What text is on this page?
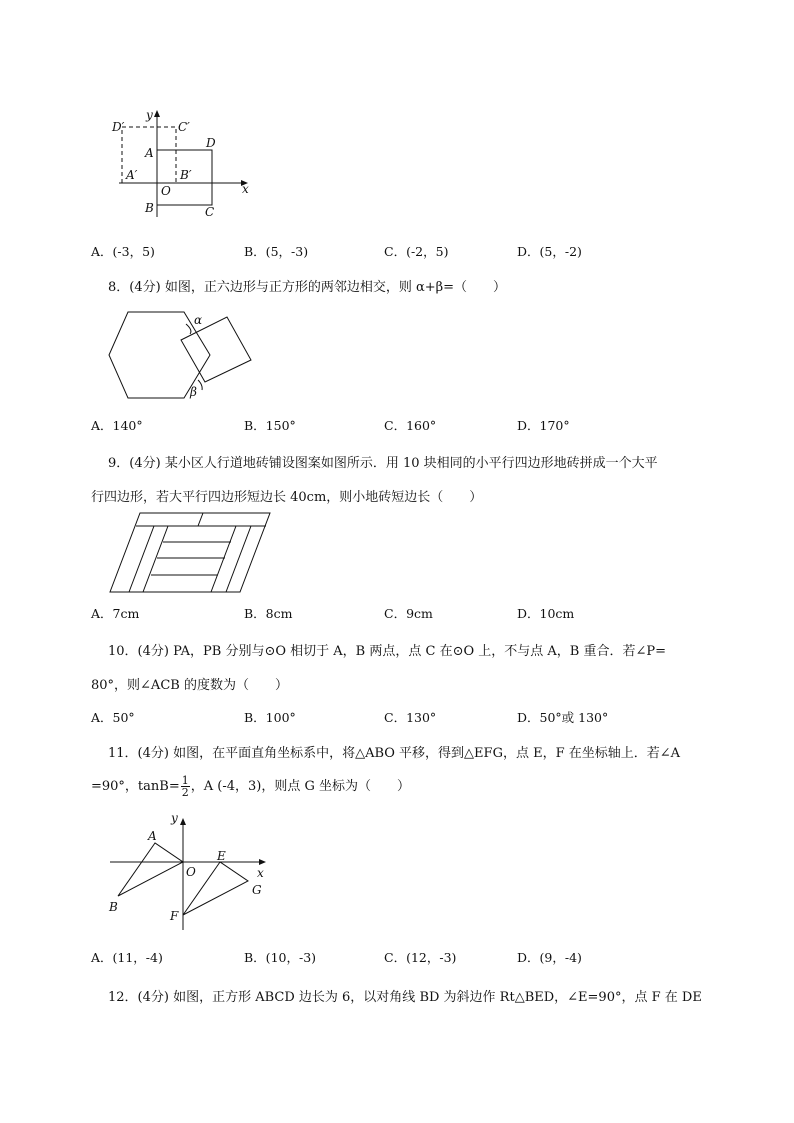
y
D′	C′
A
D
A′	B′
O	x
B	C
A．(-3，5)	B．(5，-3)	C．(-2，5)	D．(5，-2)
8．(4分) 如图，正六边形与正方形的两邻边相交，则 α+β=（　　）
α
β
A．140°	B．150°	C．160°	D．170°
9．(4分) 某小区人行道地砖铺设图案如图所示．用 10 块相同的小平行四边形地砖拼成一个大平
行四边形，若大平行四边形短边长 40cm，则小地砖短边长（　　）
A．7cm	B．8cm	C．9cm	D．10cm
10．(4分) PA，PB 分别与⊙O 相切于 A，B 两点，点 C 在⊙O 上，不与点 A，B 重合．若∠P=
80°，则∠ACB 的度数为（　　）
A．50°	B．100°	C．130°	D．50°或 130°
11．(4分) 如图，在平面直角坐标系中，将△ABO 平移，得到△EFG，点 E，F 在坐标轴上．若∠A
=90°，$\tan B= \frac{1}{2}$ ，A (-4，3)，则点 G 坐标为（　　）
y
A
E
O	x
G
B
F
A．(11，-4)	B．(10，-3)	C．(12，-3)	D．(9，-4)
12．(4分) 如图，正方形 ABCD 边长为 6，以对角线 BD 为斜边作 Rt△BED，∠E=90°，点 F 在 DE
